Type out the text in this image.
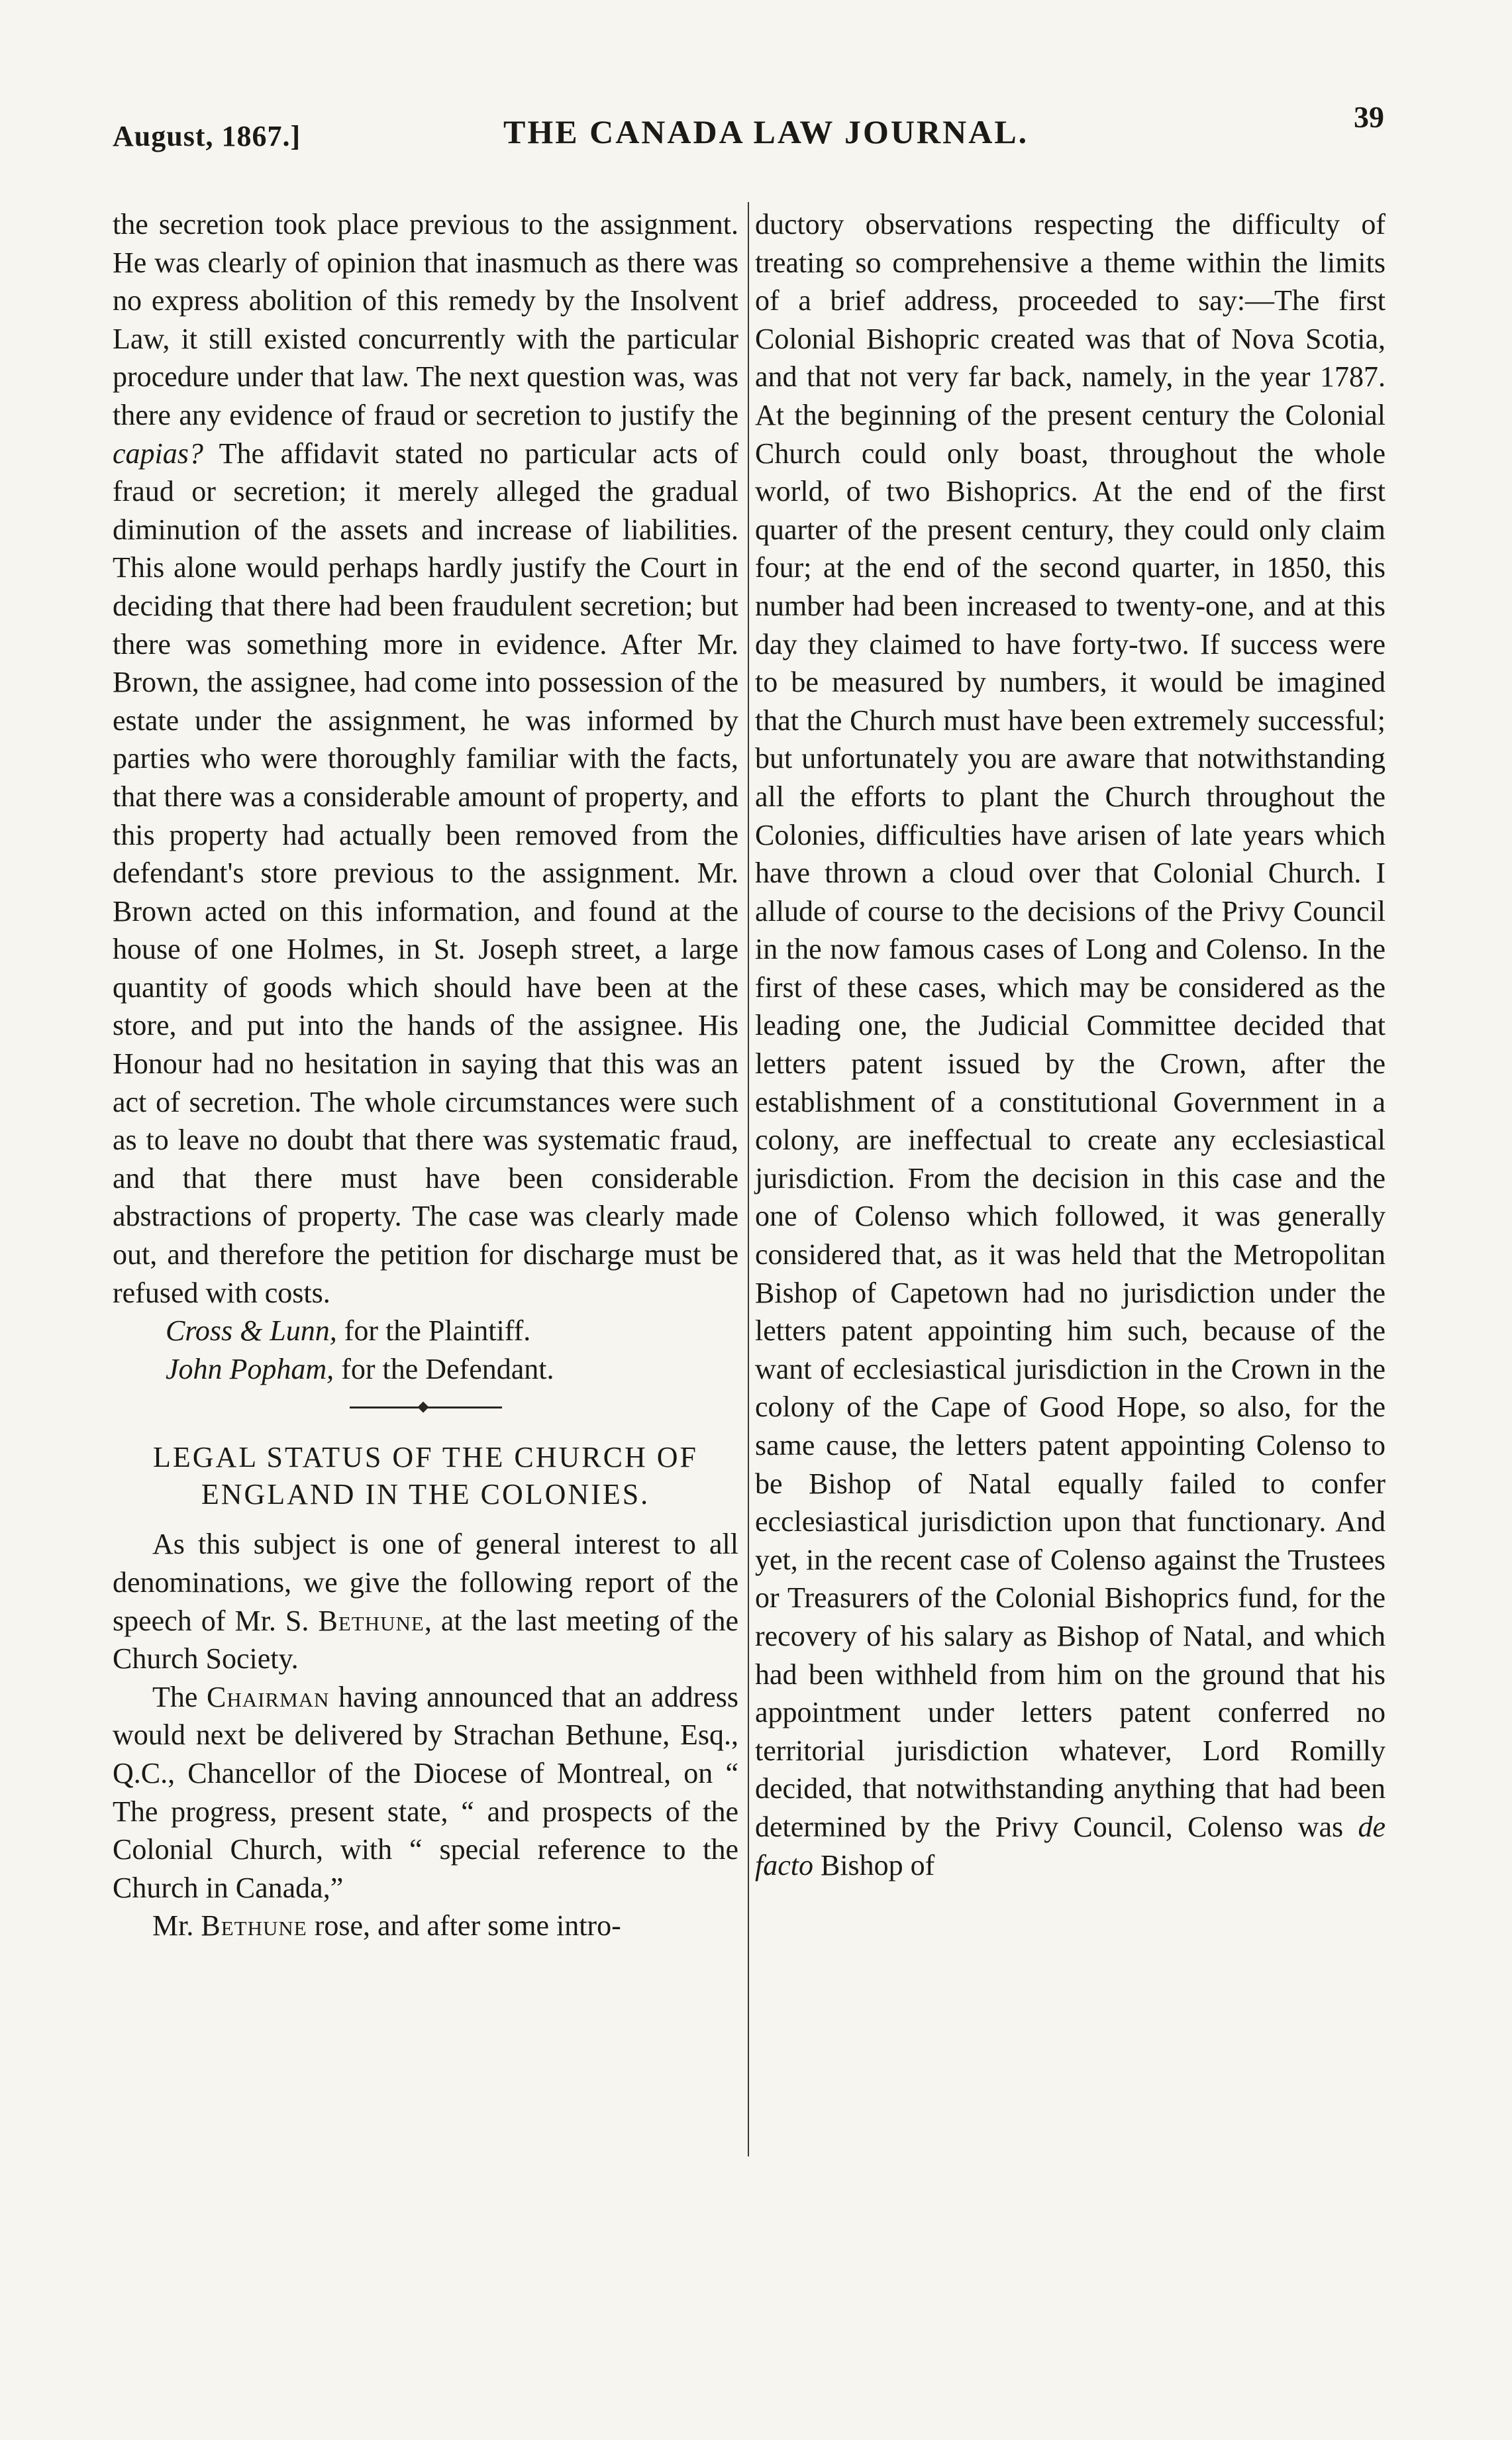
August, 1867.]	THE CANADA LAW JOURNAL.	39

the secretion took place previous to the assignment. He was clearly of opinion that inasmuch as there was no express abolition of this remedy by the Insolvent Law, it still existed concurrently with the particular procedure under that law. The next question was, was there any evidence of fraud or secretion to justify the capias? The affidavit stated no particular acts of fraud or secretion; it merely alleged the gradual diminution of the assets and increase of liabilities. This alone would perhaps hardly justify the Court in deciding that there had been fraudulent secretion; but there was something more in evidence. After Mr. Brown, the assignee, had come into possession of the estate under the assignment, he was informed by parties who were thoroughly familiar with the facts, that there was a considerable amount of property, and this property had actually been removed from the defendant's store previous to the assignment. Mr. Brown acted on this information, and found at the house of one Holmes, in St. Joseph street, a large quantity of goods which should have been at the store, and put into the hands of the assignee. His Honour had no hesitation in saying that this was an act of secretion. The whole circumstances were such as to leave no doubt that there was systematic fraud, and that there must have been considerable abstractions of property. The case was clearly made out, and therefore the petition for discharge must be refused with costs.

Cross & Lunn, for the Plaintiff.

John Popham, for the Defendant.

LEGAL STATUS OF THE CHURCH OF ENGLAND IN THE COLONIES.

As this subject is one of general interest to all denominations, we give the following report of the speech of Mr. S. Bethune, at the last meeting of the Church Society.

The Chairman having announced that an address would next be delivered by Strachan Bethune, Esq., Q.C., Chancellor of the Diocese of Montreal, on “ The progress, present state, “ and prospects of the Colonial Church, with “ special reference to the Church in Canada,”

Mr. Bethune rose, and after some intro-

ductory observations respecting the difficulty of treating so comprehensive a theme within the limits of a brief address, proceeded to say:—The first Colonial Bishopric created was that of Nova Scotia, and that not very far back, namely, in the year 1787. At the beginning of the present century the Colonial Church could only boast, throughout the whole world, of two Bishoprics. At the end of the first quarter of the present century, they could only claim four; at the end of the second quarter, in 1850, this number had been increased to twenty-one, and at this day they claimed to have forty-two. If success were to be measured by numbers, it would be imagined that the Church must have been extremely successful; but unfortunately you are aware that notwithstanding all the efforts to plant the Church throughout the Colonies, difficulties have arisen of late years which have thrown a cloud over that Colonial Church. I allude of course to the decisions of the Privy Council in the now famous cases of Long and Colenso. In the first of these cases, which may be considered as the leading one, the Judicial Committee decided that letters patent issued by the Crown, after the establishment of a constitutional Government in a colony, are ineffectual to create any ecclesiastical jurisdiction. From the decision in this case and the one of Colenso which followed, it was generally considered that, as it was held that the Metropolitan Bishop of Capetown had no jurisdiction under the letters patent appointing him such, because of the want of ecclesiastical jurisdiction in the Crown in the colony of the Cape of Good Hope, so also, for the same cause, the letters patent appointing Colenso to be Bishop of Natal equally failed to confer ecclesiastical jurisdiction upon that functionary. And yet, in the recent case of Colenso against the Trustees or Treasurers of the Colonial Bishoprics fund, for the recovery of his salary as Bishop of Natal, and which had been withheld from him on the ground that his appointment under letters patent conferred no territorial jurisdiction whatever, Lord Romilly decided, that notwithstanding anything that had been determined by the Privy Council, Colenso was de facto Bishop of
